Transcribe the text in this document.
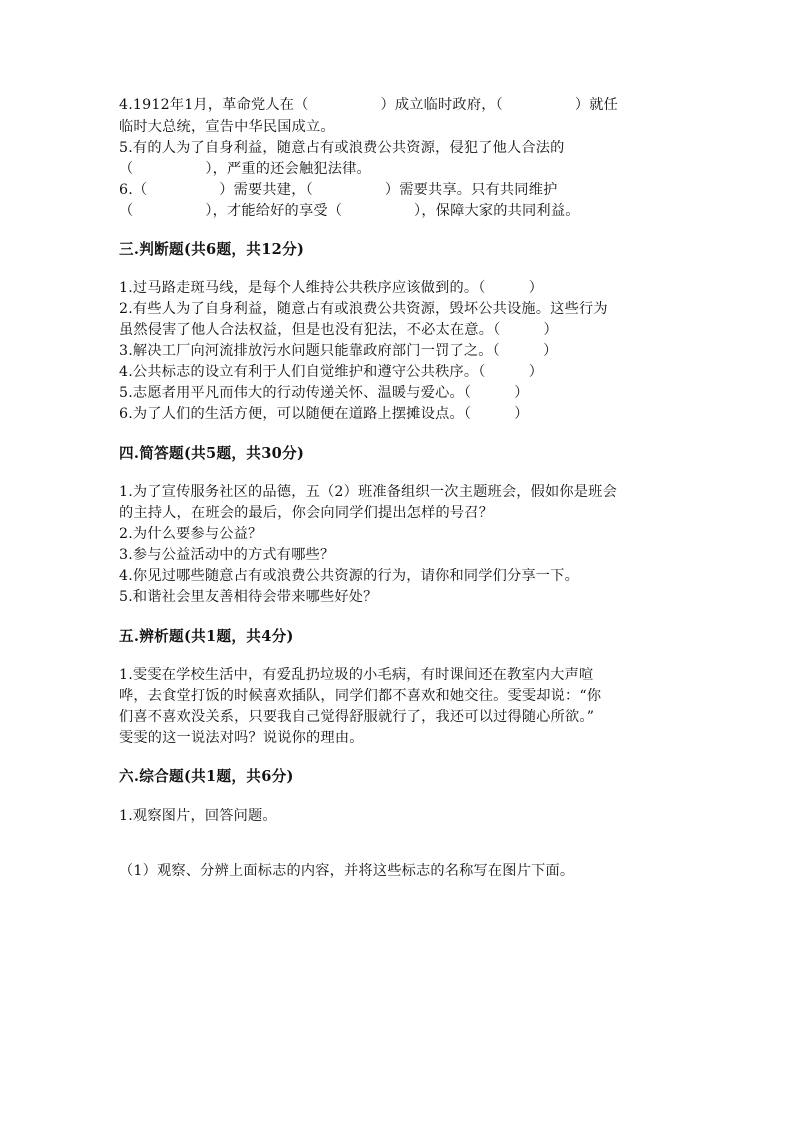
4.1912年1月，革命党人在（　　　　　）成立临时政府，（　　　　　）就任
临时大总统，宣告中华民国成立。
5.有的人为了自身利益，随意占有或浪费公共资源，侵犯了他人合法的
（　　　　　），严重的还会触犯法律。
6.（　　　　　）需要共建，（　　　　　）需要共享。只有共同维护
（　　　　　），才能给好的享受（　　　　　），保障大家的共同利益。
三.判断题(共6题，共12分)
1.过马路走斑马线，是每个人维持公共秩序应该做到的。（　　　）
2.有些人为了自身利益，随意占有或浪费公共资源，毁坏公共设施。这些行为
虽然侵害了他人合法权益，但是也没有犯法，不必太在意。（　　　）
3.解决工厂向河流排放污水问题只能靠政府部门一罚了之。（　　　）
4.公共标志的设立有利于人们自觉维护和遵守公共秩序。（　　　）
5.志愿者用平凡而伟大的行动传递关怀、温暖与爱心。（　　　）
6.为了人们的生活方便，可以随便在道路上摆摊设点。（　　　）
四.简答题(共5题，共30分)
1.为了宣传服务社区的品德，五（2）班准备组织一次主题班会，假如你是班会
的主持人，在班会的最后，你会向同学们提出怎样的号召？
2.为什么要参与公益？
3.参与公益活动中的方式有哪些？
4.你见过哪些随意占有或浪费公共资源的行为，请你和同学们分享一下。
5.和谐社会里友善相待会带来哪些好处？
五.辨析题(共1题，共4分)
1.雯雯在学校生活中，有爱乱扔垃圾的小毛病，有时课间还在教室内大声喧
哗，去食堂打饭的时候喜欢插队，同学们都不喜欢和她交往。雯雯却说：“你
们喜不喜欢没关系，只要我自己觉得舒服就行了，我还可以过得随心所欲。”
雯雯的这一说法对吗？说说你的理由。
六.综合题(共1题，共6分)
1.观察图片，回答问题。
（1）观察、分辨上面标志的内容，并将这些标志的名称写在图片下面。
